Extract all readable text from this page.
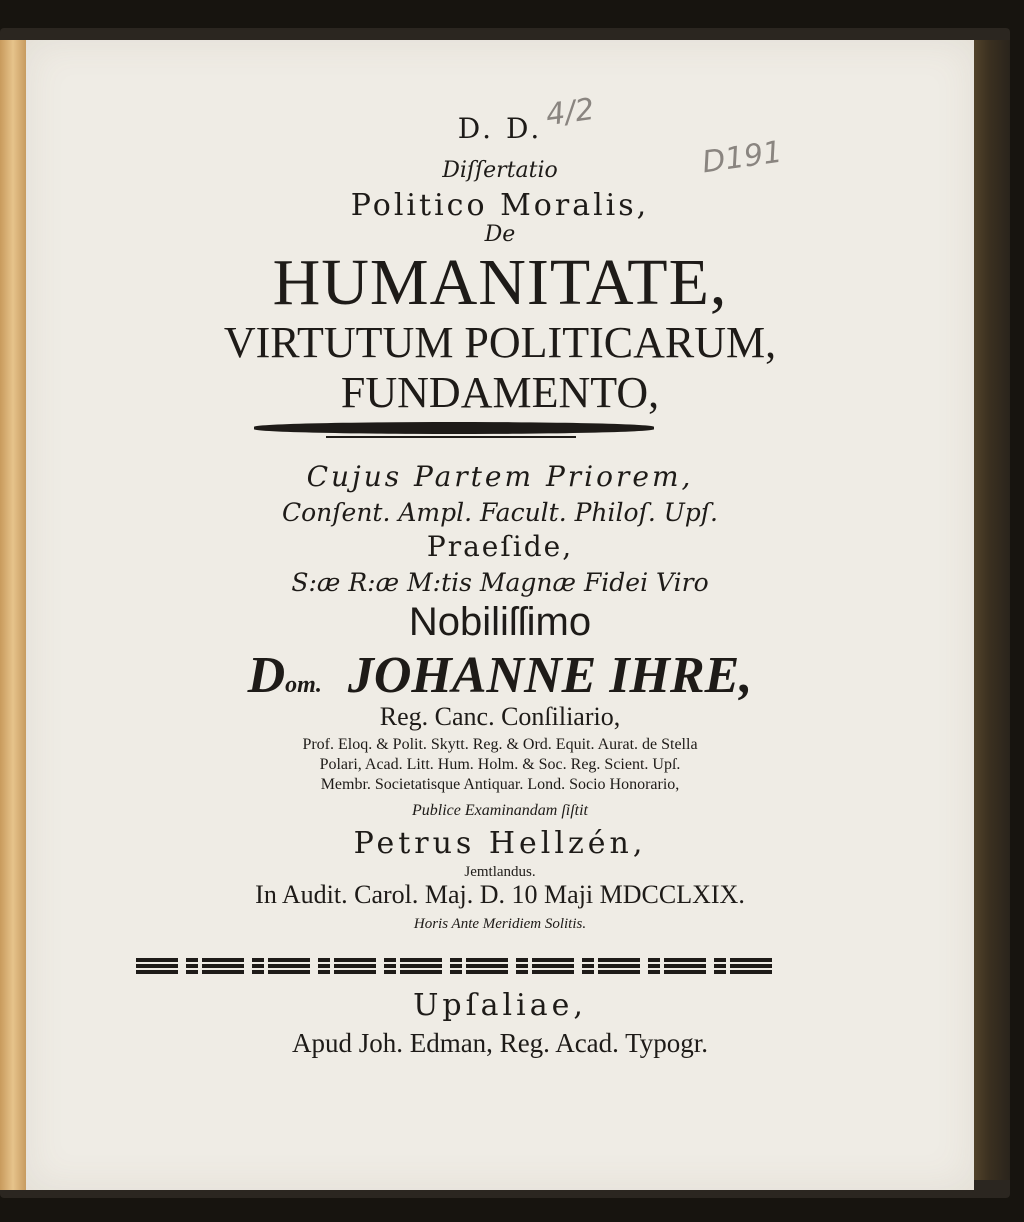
4/2
D191
D. D.
Diſſertatio
Politico Moralis,
De
HUMANITATE,
VIRTUTUM POLITICARUM,
FUNDAMENTO,
Cujus Partem Priorem,
Conſent. Ampl. Facult. Philoſ. Upſ.
Praeſide,
S:æ R:æ M:tis Magnæ Fidei Viro
Nobiliſſimo
Dom. JOHANNE IHRE,
Reg. Canc. Conſiliario,
Prof. Eloq. & Polit. Skytt. Reg. & Ord. Equit. Aurat. de Stella
Polari, Acad. Litt. Hum. Holm. & Soc. Reg. Scient. Upſ.
Membr. Societatisque Antiquar. Lond. Socio Honorario,
Publice Examinandam ſiſtit
Petrus Hellzén,
Jemtlandus.
In Audit. Carol. Maj. D. 10 Maji MDCCLXIX.
Horis Ante Meridiem Solitis.
Upſaliae,
Apud Joh. Edman, Reg. Acad. Typogr.
